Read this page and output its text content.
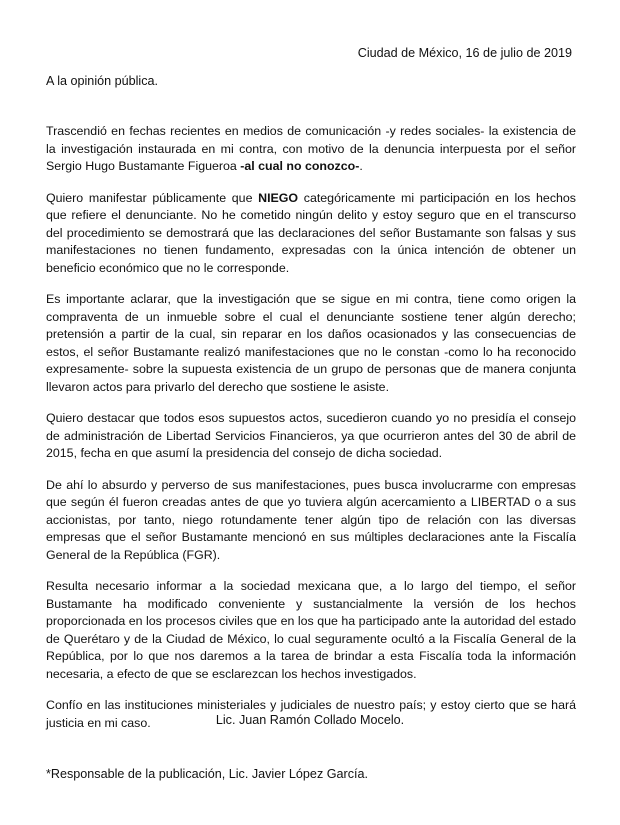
Ciudad de México, 16 de julio de 2019
A la opinión pública.

Trascendió en fechas recientes en medios de comunicación -y redes sociales- la existencia de la investigación instaurada en mi contra, con motivo de la denuncia interpuesta por el señor Sergio Hugo Bustamante Figueroa -al cual no conozco-.

Quiero manifestar públicamente que NIEGO categóricamente mi participación en los hechos que refiere el denunciante. No he cometido ningún delito y estoy seguro que en el transcurso del procedimiento se demostrará que las declaraciones del señor Bustamante son falsas y sus manifestaciones no tienen fundamento, expresadas con la única intención de obtener un beneficio económico que no le corresponde.

Es importante aclarar, que la investigación que se sigue en mi contra, tiene como origen la compraventa de un inmueble sobre el cual el denunciante sostiene tener algún derecho; pretensión a partir de la cual, sin reparar en los daños ocasionados y las consecuencias de estos, el señor Bustamante realizó manifestaciones que no le constan -como lo ha reconocido expresamente- sobre la supuesta existencia de un grupo de personas que de manera conjunta llevaron actos para privarlo del derecho que sostiene le asiste.

Quiero destacar que todos esos supuestos actos, sucedieron cuando yo no presidía el consejo de administración de Libertad Servicios Financieros, ya que ocurrieron antes del 30 de abril de 2015, fecha en que asumí la presidencia del consejo de dicha sociedad.

De ahí lo absurdo y perverso de sus manifestaciones, pues busca involucrarme con empresas que según él fueron creadas antes de que yo tuviera algún acercamiento a LIBERTAD o a sus accionistas, por tanto, niego rotundamente tener algún tipo de relación con las diversas empresas que el señor Bustamante mencionó en sus múltiples declaraciones ante la Fiscalía General de la República (FGR).

Resulta necesario informar a la sociedad mexicana que, a lo largo del tiempo, el señor Bustamante ha modificado conveniente y sustancialmente la versión de los hechos proporcionada en los procesos civiles que en los que ha participado ante la autoridad del estado de Querétaro y de la Ciudad de México, lo cual seguramente ocultó a la Fiscalía General de la República, por lo que nos daremos a la tarea de brindar a esta Fiscalía toda la información necesaria, a efecto de que se esclarezcan los hechos investigados.

Confío en las instituciones ministeriales y judiciales de nuestro país; y estoy cierto que se hará justicia en mi caso.	Lic. Juan Ramón Collado Mocelo.
*Responsable de la publicación, Lic. Javier López García.
